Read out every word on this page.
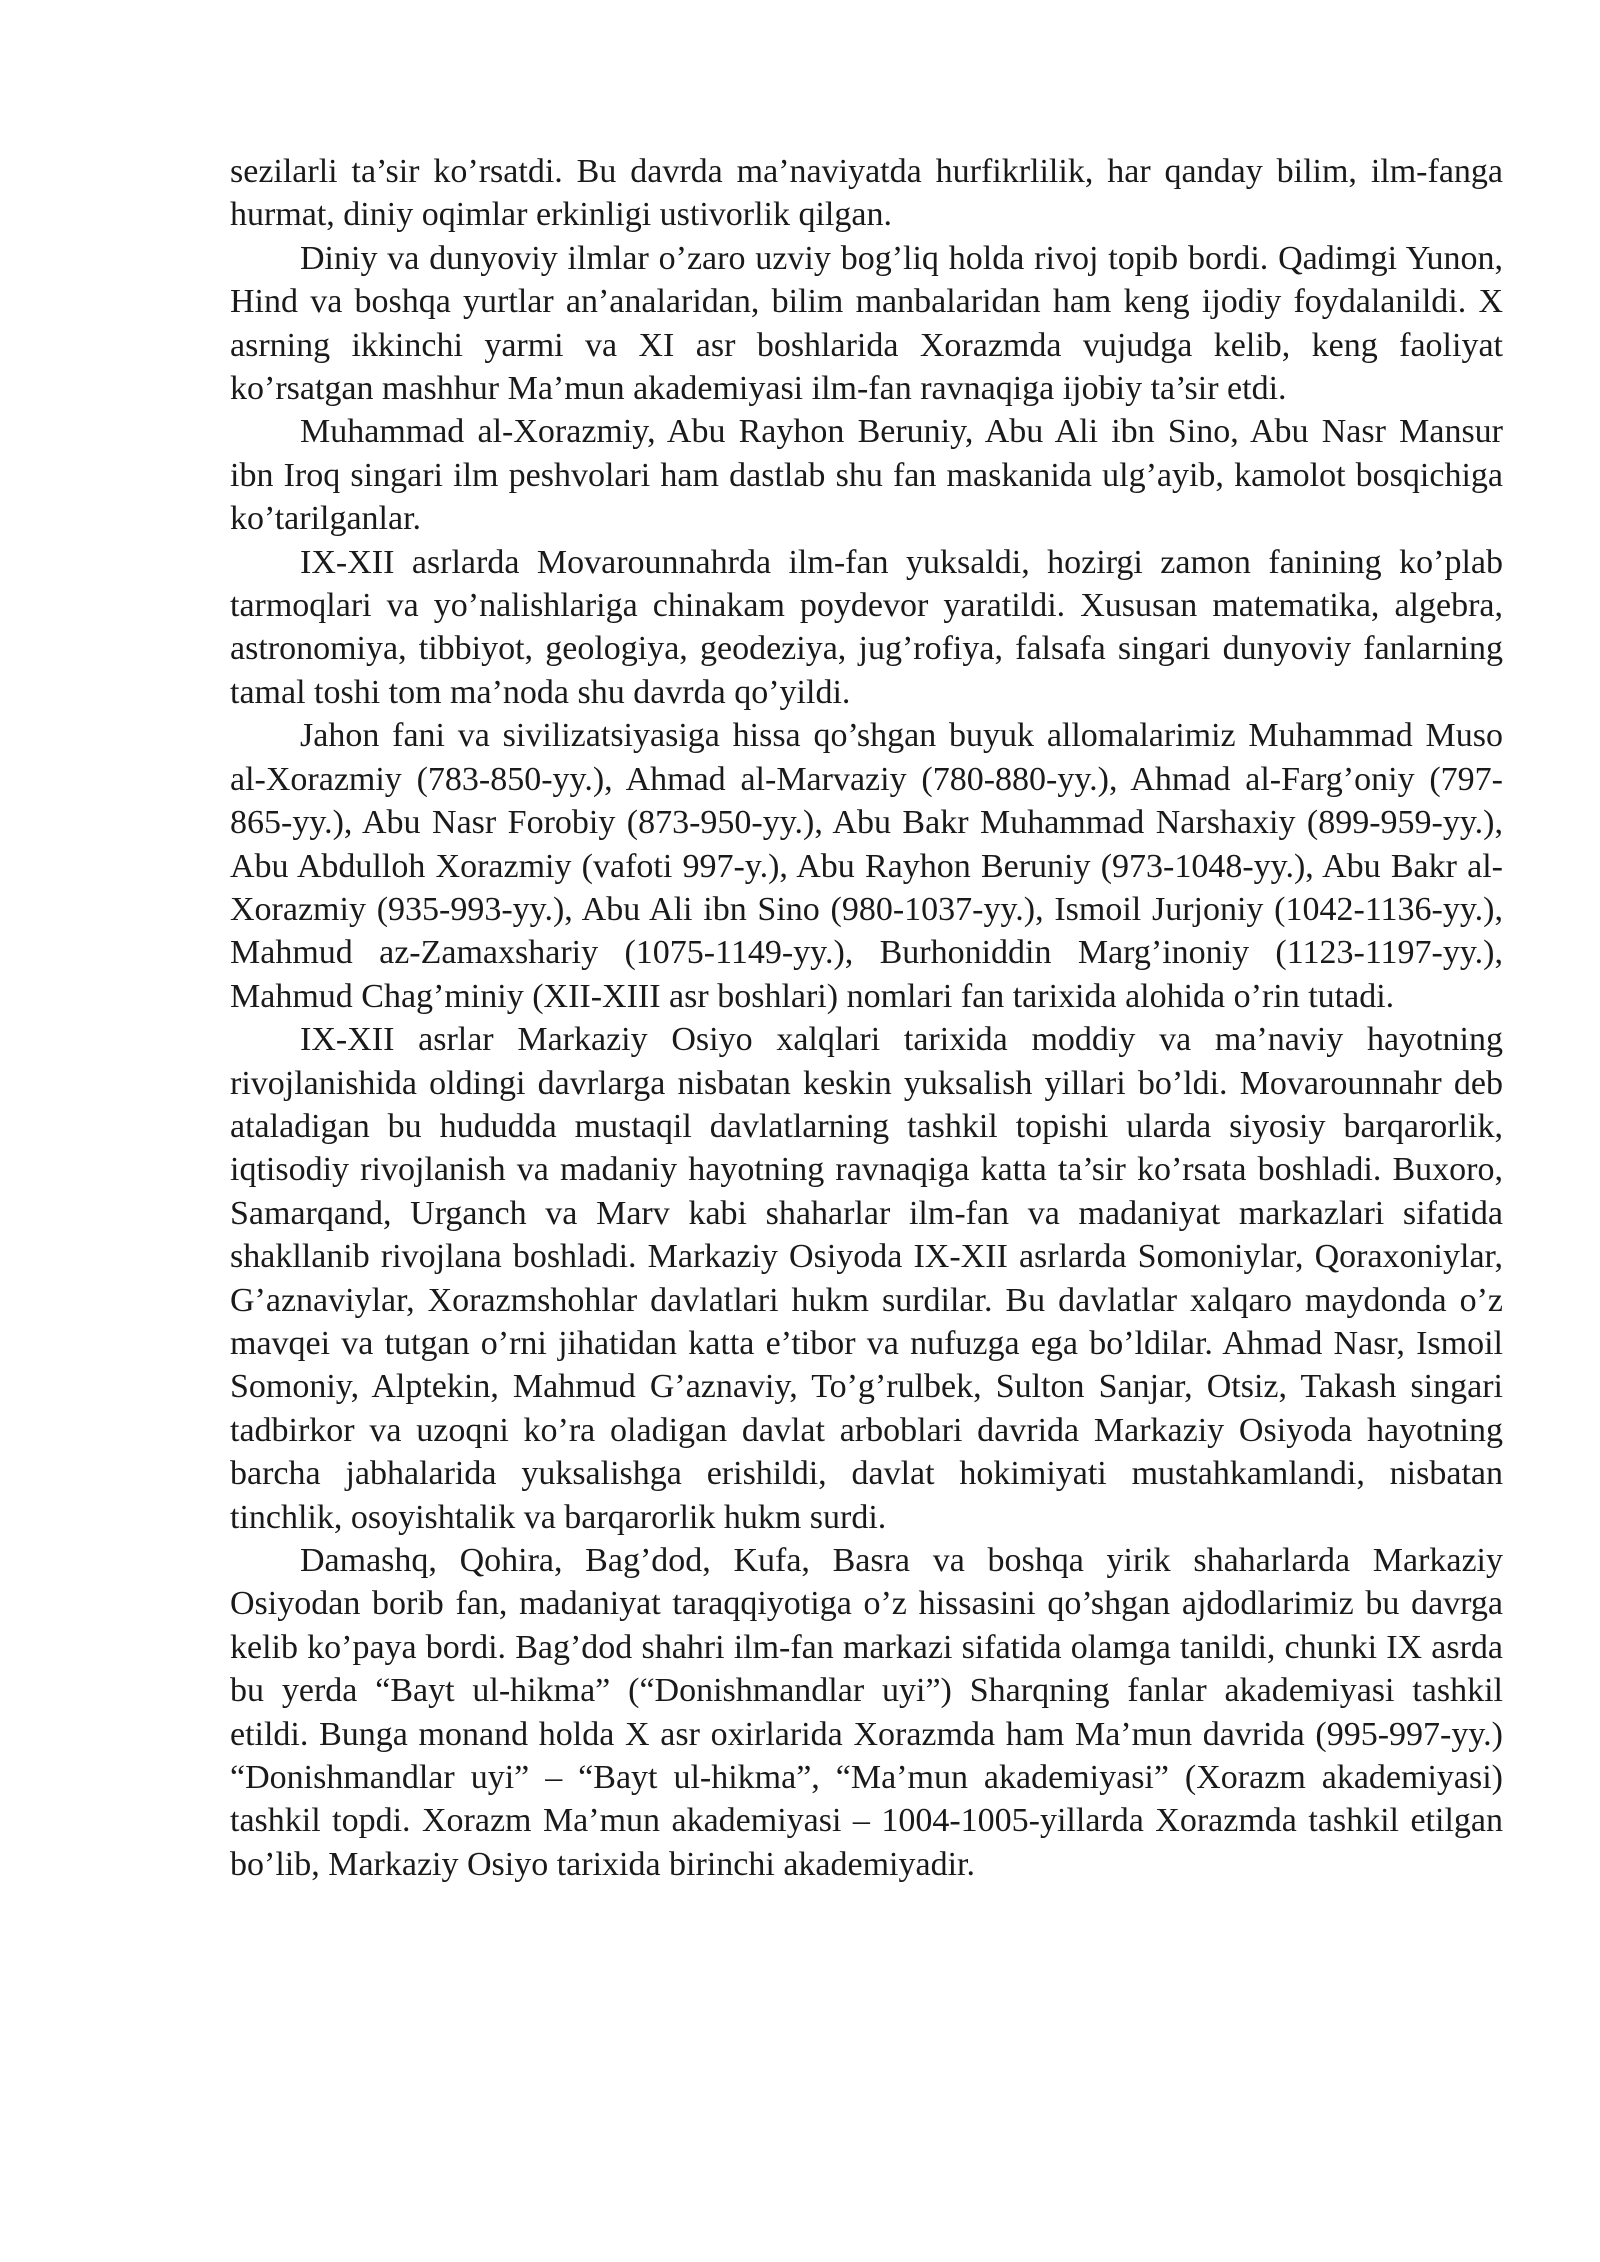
sezilarli ta’sir ko’rsatdi. Bu davrda ma’naviyatda hurfikrlilik, har qanday bilim, ilm-fanga hurmat, diniy oqimlar erkinligi ustivorlik qilgan.

Diniy va dunyoviy ilmlar o’zaro uzviy bog’liq holda rivoj topib bordi. Qadimgi Yunon, Hind va boshqa yurtlar an’analaridan, bilim manbalaridan ham keng ijodiy foydalanildi. X asrning ikkinchi yarmi va XI asr boshlarida Xorazmda vujudga kelib, keng faoliyat ko’rsatgan mashhur Ma’mun akademiyasi ilm-fan ravnaqiga ijobiy ta’sir etdi.

Muhammad al-Xorazmiy, Abu Rayhon Beruniy, Abu Ali ibn Sino, Abu Nasr Mansur ibn Iroq singari ilm peshvolari ham dastlab shu fan maskanida ulg’ayib, kamolot bosqichiga ko’tarilganlar.

IX-XII asrlarda Movarounnahrda ilm-fan yuksaldi, hozirgi zamon fanining ko’plab tarmoqlari va yo’nalishlariga chinakam poydevor yaratildi. Xususan matematika, algebra, astronomiya, tibbiyot, geologiya, geodeziya, jug’rofiya, falsafa singari dunyoviy fanlarning tamal toshi tom ma’noda shu davrda qo’yildi.

Jahon fani va sivilizatsiyasiga hissa qo’shgan buyuk allomalarimiz Muhammad Muso al-Xorazmiy (783-850-yy.), Ahmad al-Marvaziy (780-880-yy.), Ahmad al-Farg’oniy (797-865-yy.), Abu Nasr Forobiy (873-950-yy.), Abu Bakr Muhammad Narshaxiy (899-959-yy.), Abu Abdulloh Xorazmiy (vafoti 997-y.), Abu Rayhon Beruniy (973-1048-yy.), Abu Bakr al-Xorazmiy (935-993-yy.), Abu Ali ibn Sino (980-1037-yy.), Ismoil Jurjoniy (1042-1136-yy.), Mahmud az-Zamaxshariy (1075-1149-yy.), Burhoniddin Marg’inoniy (1123-1197-yy.), Mahmud Chag’miniy (XII-XIII asr boshlari) nomlari fan tarixida alohida o’rin tutadi.

IX-XII asrlar Markaziy Osiyo xalqlari tarixida moddiy va ma’naviy hayotning rivojlanishida oldingi davrlarga nisbatan keskin yuksalish yillari bo’ldi. Movarounnahr deb ataladigan bu hududda mustaqil davlatlarning tashkil topishi ularda siyosiy barqarorlik, iqtisodiy rivojlanish va madaniy hayotning ravnaqiga katta ta’sir ko’rsata boshladi. Buxoro, Samarqand, Urganch va Marv kabi shaharlar ilm-fan va madaniyat markazlari sifatida shakllanib rivojlana boshladi. Markaziy Osiyoda IX-XII asrlarda Somoniylar, Qoraxoniylar, G’aznaviylar, Xorazmshohlar davlatlari hukm surdilar. Bu davlatlar xalqaro maydonda o’z mavqei va tutgan o’rni jihatidan katta e’tibor va nufuzga ega bo’ldilar. Ahmad Nasr, Ismoil Somoniy, Alptekin, Mahmud G’aznaviy, To’g’rulbek, Sulton Sanjar, Otsiz, Takash singari tadbirkor va uzoqni ko’ra oladigan davlat arboblari davrida Markaziy Osiyoda hayotning barcha jabhalarida yuksalishga erishildi, davlat hokimiyati mustahkamlandi, nisbatan tinchlik, osoyishtalik va barqarorlik hukm surdi.

Damashq, Qohira, Bag’dod, Kufa, Basra va boshqa yirik shaharlarda Markaziy Osiyodan borib fan, madaniyat taraqqiyotiga o’z hissasini qo’shgan ajdodlarimiz bu davrga kelib ko’paya bordi. Bag’dod shahri ilm-fan markazi sifatida olamga tanildi, chunki IX asrda bu yerda “Bayt ul-hikma” (“Donishmandlar uyi”) Sharqning fanlar akademiyasi tashkil etildi. Bunga monand holda X asr oxirlarida Xorazmda ham Ma’mun davrida (995-997-yy.) “Donishmandlar uyi” – “Bayt ul-hikma”, “Ma’mun akademiyasi” (Xorazm akademiyasi) tashkil topdi. Xorazm Ma’mun akademiyasi – 1004-1005-yillarda Xorazmda tashkil etilgan bo’lib, Markaziy Osiyo tarixida birinchi akademiyadir.
